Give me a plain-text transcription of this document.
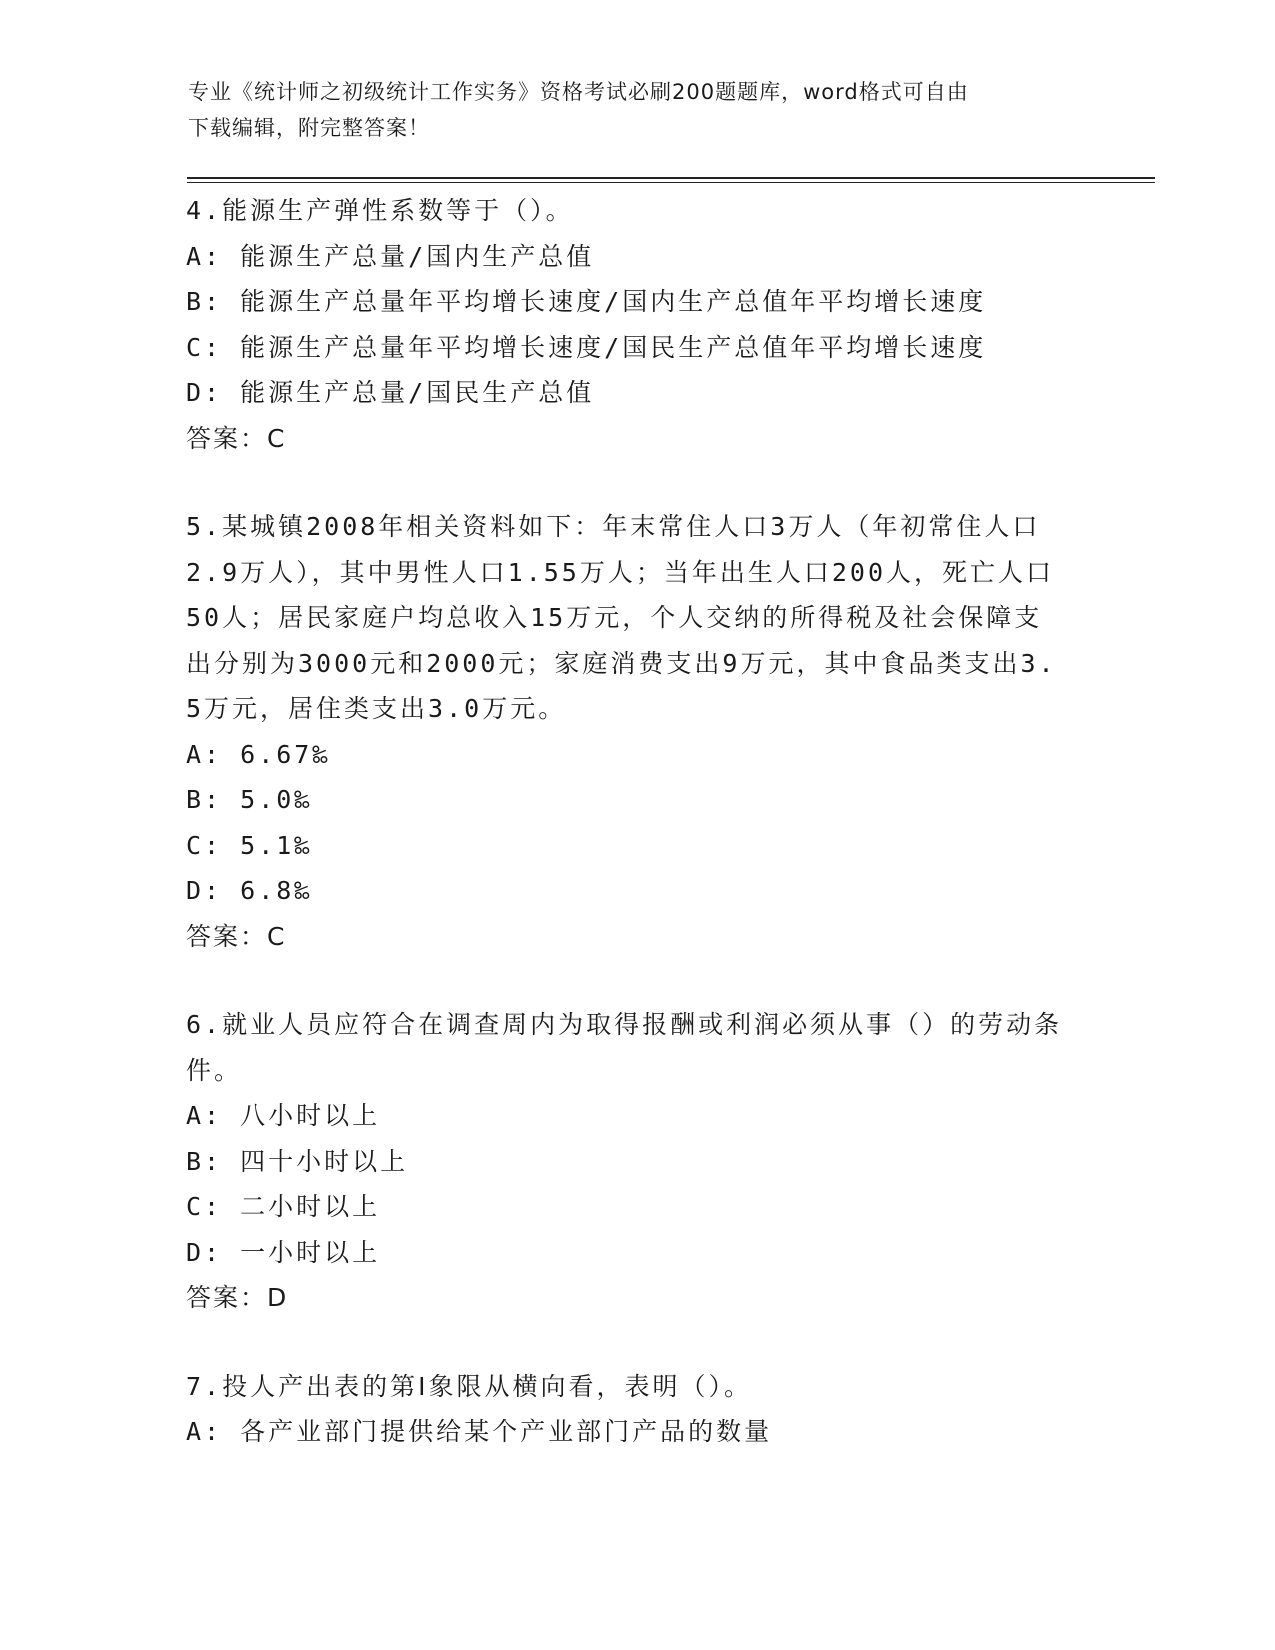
专业《统计师之初级统计工作实务》资格考试必刷200题题库，word格式可自由
下载编辑，附完整答案！
4.能源生产弹性系数等于（）。
A: 能源生产总量/国内生产总值
B: 能源生产总量年平均增长速度/国内生产总值年平均增长速度
C: 能源生产总量年平均增长速度/国民生产总值年平均增长速度
D: 能源生产总量/国民生产总值
答案：C
5.某城镇2008年相关资料如下：年末常住人口3万人（年初常住人口2.9万人），其中男性人口1.55万人；当年出生人口200人，死亡人口50人；居民家庭户均总收入15万元，个人交纳的所得税及社会保障支出分别为3000元和2000元；家庭消费支出9万元，其中食品类支出3.5万元，居住类支出3.0万元。
A: 6.67‰
B: 5.0‰
C: 5.1‰
D: 6.8‰
答案：C
6.就业人员应符合在调查周内为取得报酬或利润必须从事（）的劳动条件。
A: 八小时以上
B: 四十小时以上
C: 二小时以上
D: 一小时以上
答案：D
7.投人产出表的第Ⅰ象限从横向看，表明（）。
A: 各产业部门提供给某个产业部门产品的数量
